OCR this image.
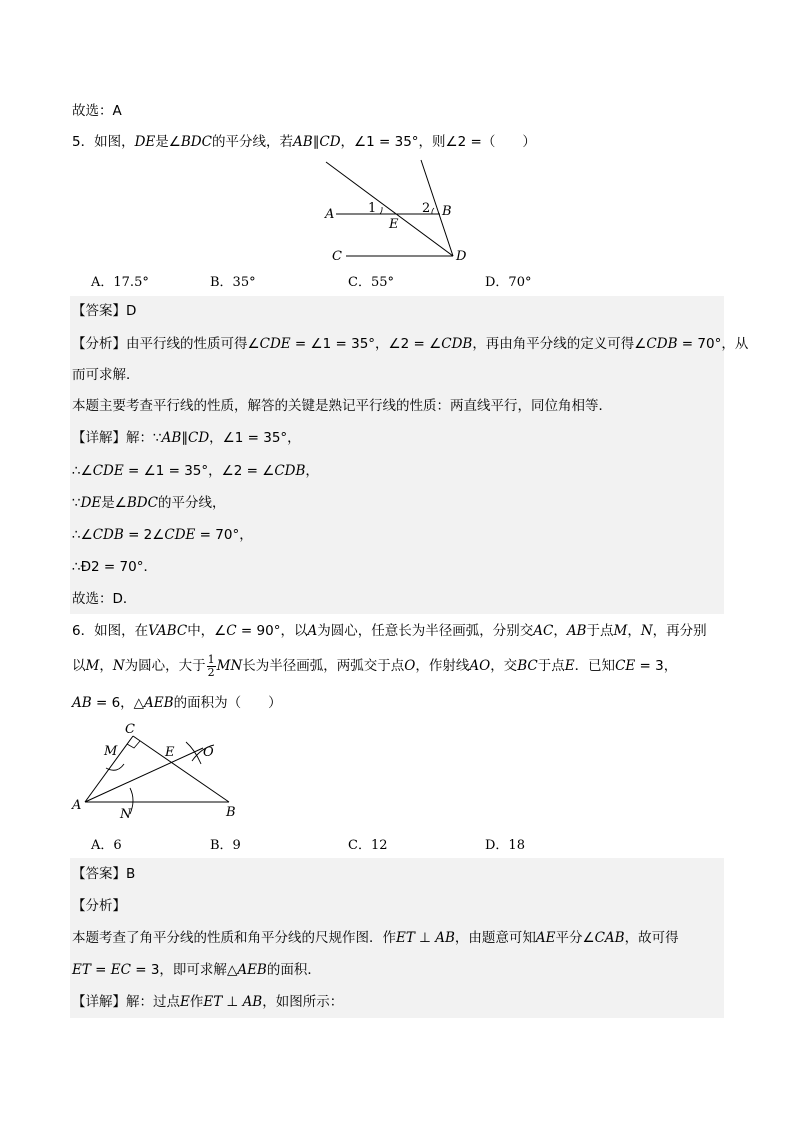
故选：A
5．如图，DE是∠BDC的平分线，若AB∥CD，∠1 = 35°，则∠2 =（　　）
A	1	2 B
E
C	D
A．17.5°	B．35°	C．55°	D．70°
【答案】D
【分析】由平行线的性质可得∠CDE = ∠1 = 35°，∠2 = ∠CDB，再由角平分线的定义可得∠CDB = 70°，从
而可求解．
本题主要考查平行线的性质，解答的关键是熟记平行线的性质：两直线平行，同位角相等．
【详解】解：∵AB∥CD，∠1 = 35°，
∴∠CDE = ∠1 = 35°，∠2 = ∠CDB，
∵DE是∠BDC的平分线，
∴∠CDB = 2∠CDE = 70°，
∴Ð2 = 70°．
故选：D．
6．如图，在VABC中，∠C = 90°，以A为圆心，任意长为半径画弧，分别交AC，AB于点M，N，再分别
以M，N为圆心，大于 $\frac{1}{2}$ MN长为半径画弧，两弧交于点O，作射线AO，交BC于点E．已知CE = 3，
AB = 6，△AEB的面积为（　　）
C
M	E O
A
N	B
A．6	B．9	C．12	D．18
【答案】B
【分析】
本题考查了角平分线的性质和角平分线的尺规作图．作ET ⊥ AB，由题意可知AE平分∠CAB，故可得
ET = EC = 3，即可求解△AEB的面积．
【详解】解：过点E作ET ⊥ AB，如图所示：
